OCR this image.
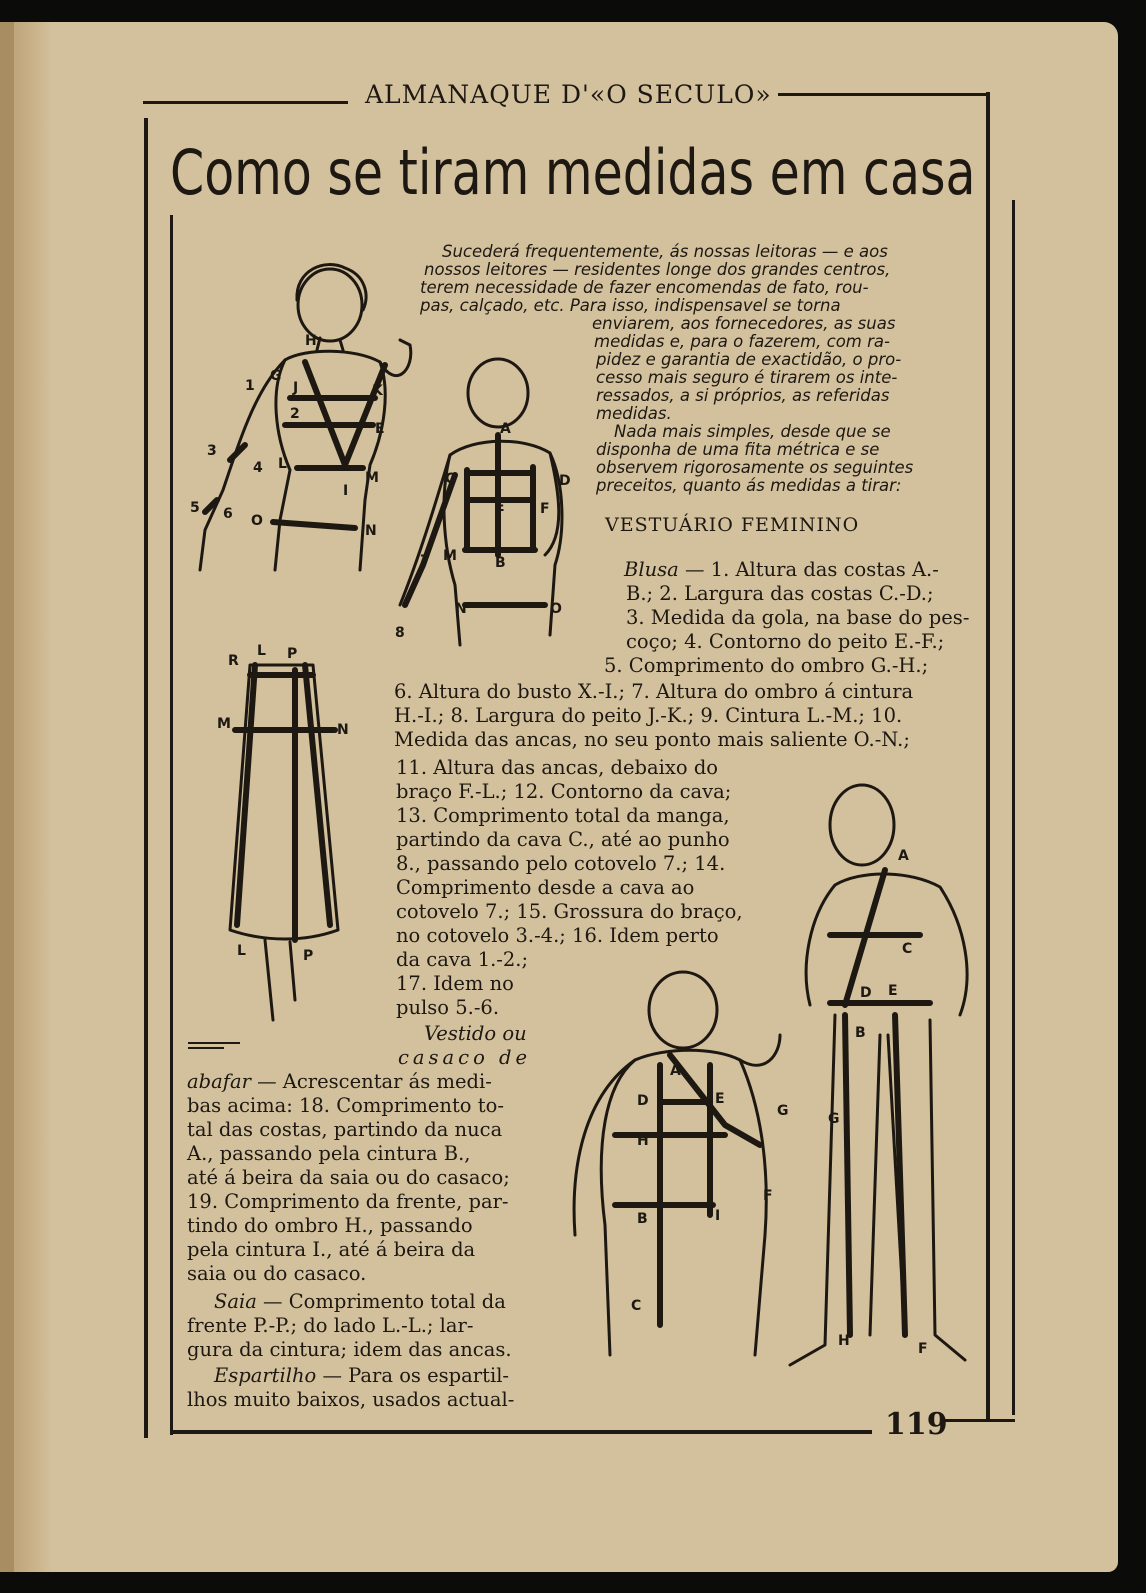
ALMANAQUE D'«O SECULO»
Como se tiram medidas em casa
Sucederá frequentemente, ás nossas leitoras — e aos
nossos leitores — residentes longe dos grandes centros,
terem necessidade de fazer encomendas de fato, rou-
pas, calçado, etc. Para isso, indispensavel se torna
enviarem, aos fornecedores, as suas
medidas e, para o fazerem, com ra-
pidez e garantia de exactidão, o pro-
cesso mais seguro é tirarem os inte-
ressados, a si próprios, as referidas
medidas.
Nada mais simples, desde que se
disponha de uma fita métrica e se
observem rigorosamente os seguintes
preceitos, quanto ás medidas a tirar:
VESTUÁRIO FEMININO
Blusa — 1. Altura das costas A.-
B.; 2. Largura das costas C.-D.;
3. Medida da gola, na base do pes-
coço; 4. Contorno do peito E.-F.;
5. Comprimento do ombro G.-H.;
6. Altura do busto X.-I.; 7. Altura do ombro á cintura
H.-I.; 8. Largura do peito J.-K.; 9. Cintura L.-M.; 10.
Medida das ancas, no seu ponto mais saliente O.-N.;
11. Altura das ancas, debaixo do
braço F.-L.; 12. Contorno da cava;
13. Comprimento total da manga,
partindo da cava C., até ao punho
8., passando pelo cotovelo 7.; 14.
Comprimento desde a cava ao
cotovelo 7.; 15. Grossura do braço,
no cotovelo 3.-4.; 16. Idem perto
da cava 1.-2.;
17. Idem no
pulso 5.-6.
Vestido ou
casaco de
abafar — Acrescentar ás medi-
bas acima: 18. Comprimento to-
tal das costas, partindo da nuca
A., passando pela cintura B.,
até á beira da saia ou do casaco;
19. Comprimento da frente, par-
tindo do ombro H., passando
pela cintura I., até á beira da
saia ou do casaco.
Saia — Comprimento total da
frente P.-P.; do lado L.-L.; lar-
gura da cintura; idem das ancas.
Espartilho — Para os espartil-
lhos muito baixos, usados actual-
119
H
G
J	K
1
2
E
3
4 L
M
I
5 6 O
N
A
C	D
E	F
7 M	B
N	O
8
R
L P
M	N
L	P
A
D	E
H
G
F
B	I
C
A
C
D E
B
G
H	F
